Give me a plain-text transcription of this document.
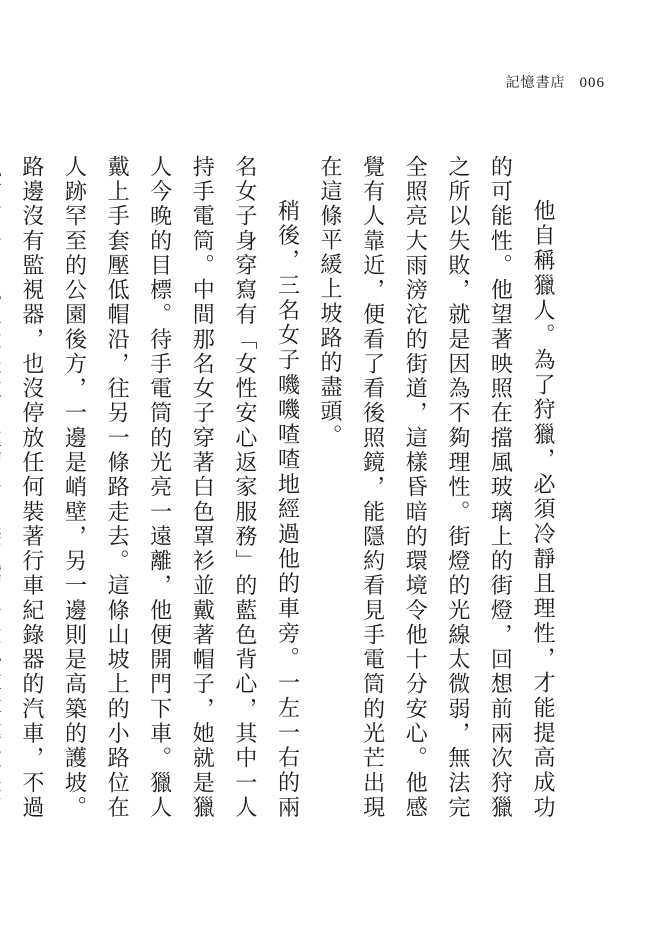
記憶書店 006

他自稱獵人。為了狩獵，必須冷靜且理性，才能提高成功的可能性。他望著映照在擋風玻璃上的街燈，回想前兩次狩獵之所以失敗，就是因為不夠理性。街燈的光線太微弱，無法完全照亮大雨滂沱的街道，這樣昏暗的環境令他十分安心。他感覺有人靠近，便看了看後照鏡，能隱約看見手電筒的光芒出現在這條平緩上坡路的盡頭。

稍後，三名女子嘰嘰喳喳地經過他的車旁。一左一右的兩名女子身穿寫有「女性安心返家服務」的藍色背心，其中一人持手電筒。中間那名女子穿著白色罩衫並戴著帽子，她就是獵人今晚的目標。待手電筒的光亮一遠離，他便開門下車。獵人戴上手套壓低帽沿，往另一條路走去。這條山坡上的小路位在人跡罕至的公園後方，一邊是峭壁，另一邊則是高築的護坡。路邊沒有監視器，也沒停放任何裝著行車紀錄器的汽車，不過
